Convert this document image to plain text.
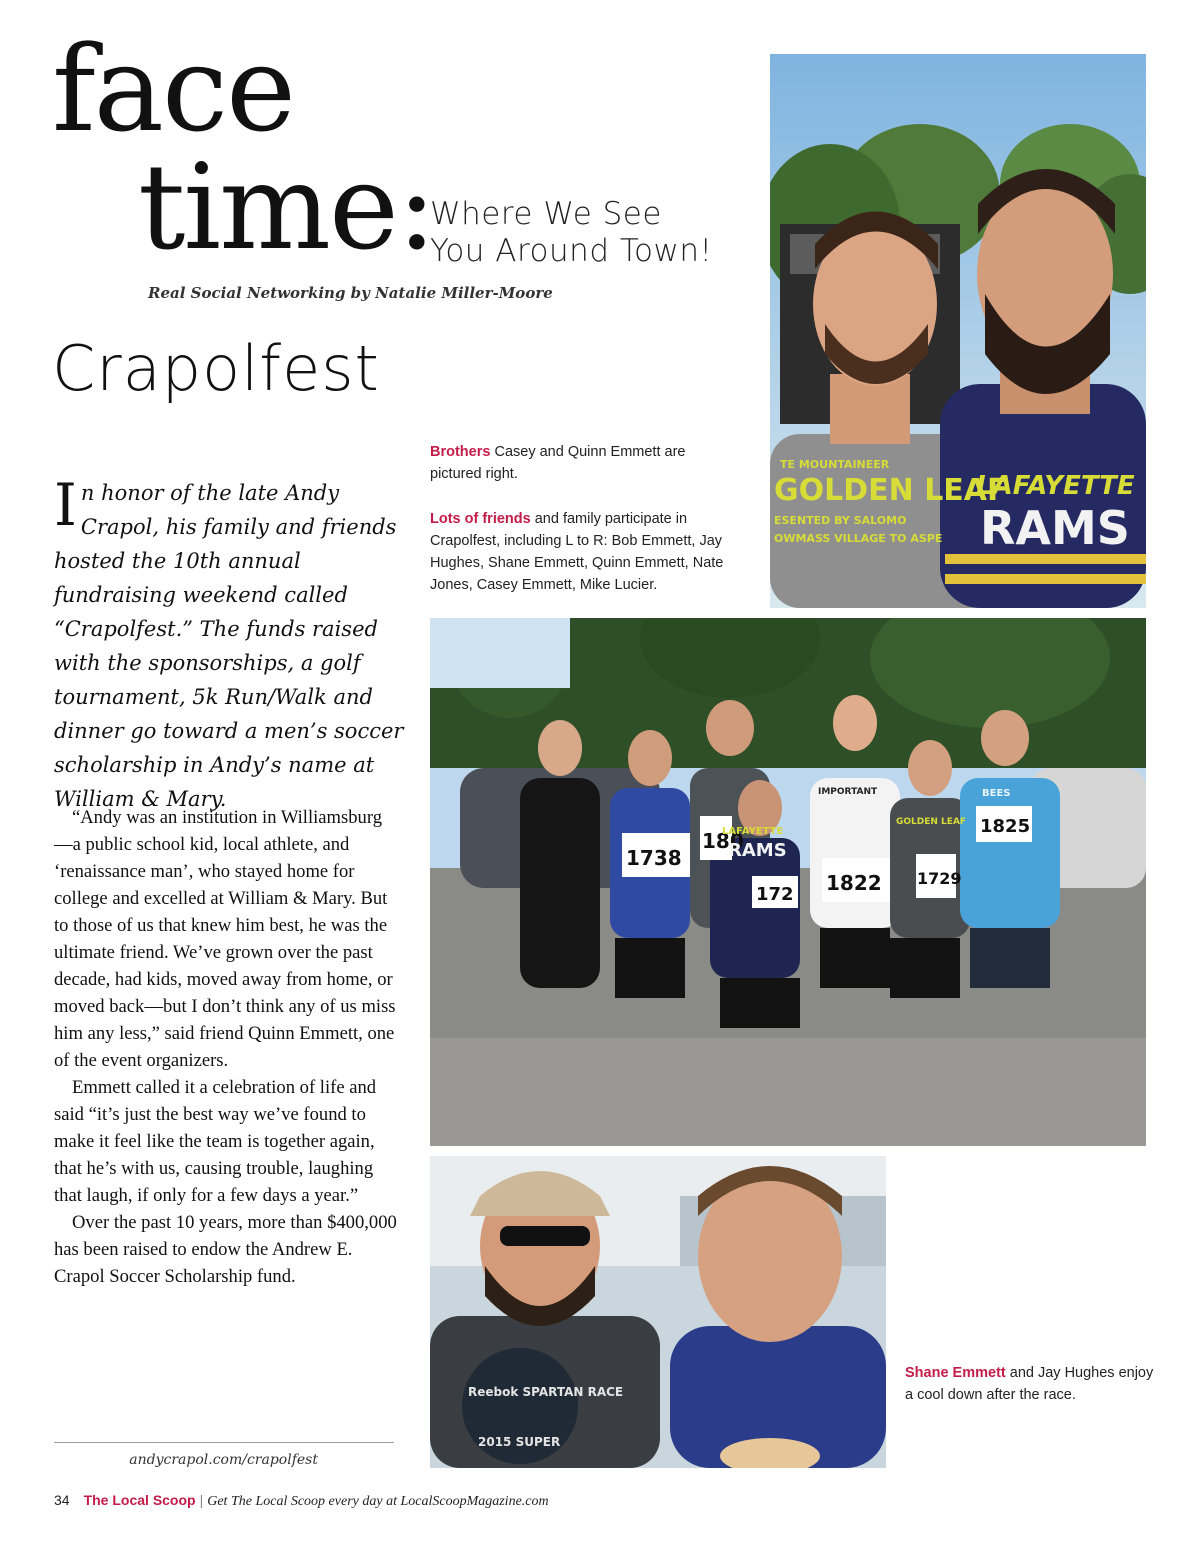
face
time:
Where We See
You Around Town!
Real Social Networking by Natalie Miller-Moore
Crapolfest
I n honor of the late Andy Crapol, his family and friends hosted the 10th annual fundraising weekend called “Crapolfest.” The funds raised with the sponsorships, a golf tournament, 5k Run/Walk and dinner go toward a men’s soccer scholarship in Andy’s name at William & Mary.

“Andy was an institution in Williamsburg—a public school kid, local athlete, and ‘renaissance man’, who stayed home for college and excelled at William & Mary. But to those of us that knew him best, he was the ultimate friend. We’ve grown over the past decade, had kids, moved away from home, or moved back—but I don’t think any of us miss him any less,” said friend Quinn Emmett, one of the event organizers.

Emmett called it a celebration of life and said “it’s just the best way we’ve found to make it feel like the team is together again, that he’s with us, causing trouble, laughing that laugh, if only for a few days a year.”

Over the past 10 years, more than $400,000 has been raised to endow the Andrew E. Crapol Soccer Scholarship fund.

andycrapol.com/crapolfest
Brothers Casey and Quinn Emmett are pictured right.
Lots of friends and family participate in Crapolfest, including L to R: Bob Emmett, Jay Hughes, Shane Emmett, Quinn Emmett, Nate Jones, Casey Emmett, Mike Lucier.
Shane Emmett and Jay Hughes enjoy a cool down after the race.
TE MOUNTAINEER
GOLDEN LEAF
ESENTED BY SALOMO
OWMASS VILLAGE TO ASPE
LAFAYETTE
RAMS
1738
180
172 1822 1729
1825
LAFAYETTE
RAMS
IMPORTANT
GOLDEN LEAF
BEES
Reebok SPARTAN RACE
2015 SUPER
34 The Local Scoop | Get The Local Scoop every day at LocalScoopMagazine.com
